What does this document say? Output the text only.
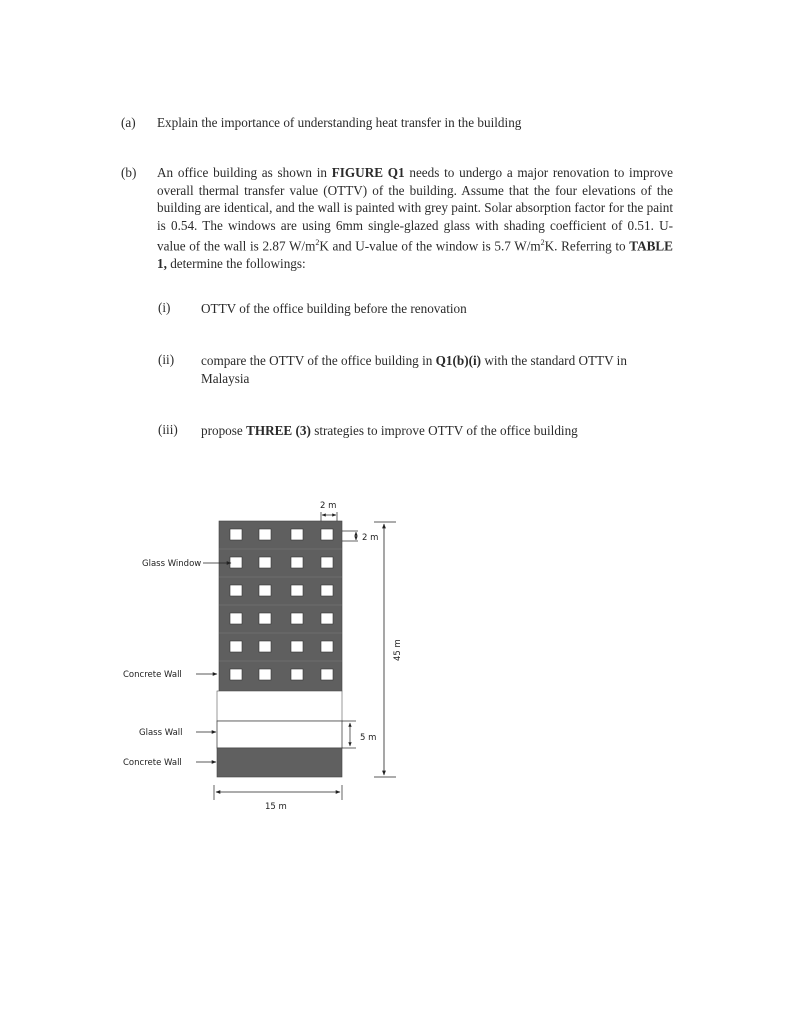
(a) Explain the importance of understanding heat transfer in the building
(b) An office building as shown in FIGURE Q1 needs to undergo a major renovation to improve overall thermal transfer value (OTTV) of the building. Assume that the four elevations of the building are identical, and the wall is painted with grey paint. Solar absorption factor for the paint is 0.54. The windows are using 6mm single-glazed glass with shading coefficient of 0.51. U-value of the wall is 2.87 $W/m^2K$ and U-value of the window is 5.7 $W/m^2K$. Referring to TABLE 1, determine the followings:
(i) OTTV of the office building before the renovation
(ii) compare the OTTV of the office building in Q1(b)(i) with the standard OTTV in Malaysia
(iii) propose THREE (3) strategies to improve OTTV of the office building
Glass Window
Concrete Wall
Glass Wall
Concrete Wall
2 m
2 m
45 m
5 m
15 m
